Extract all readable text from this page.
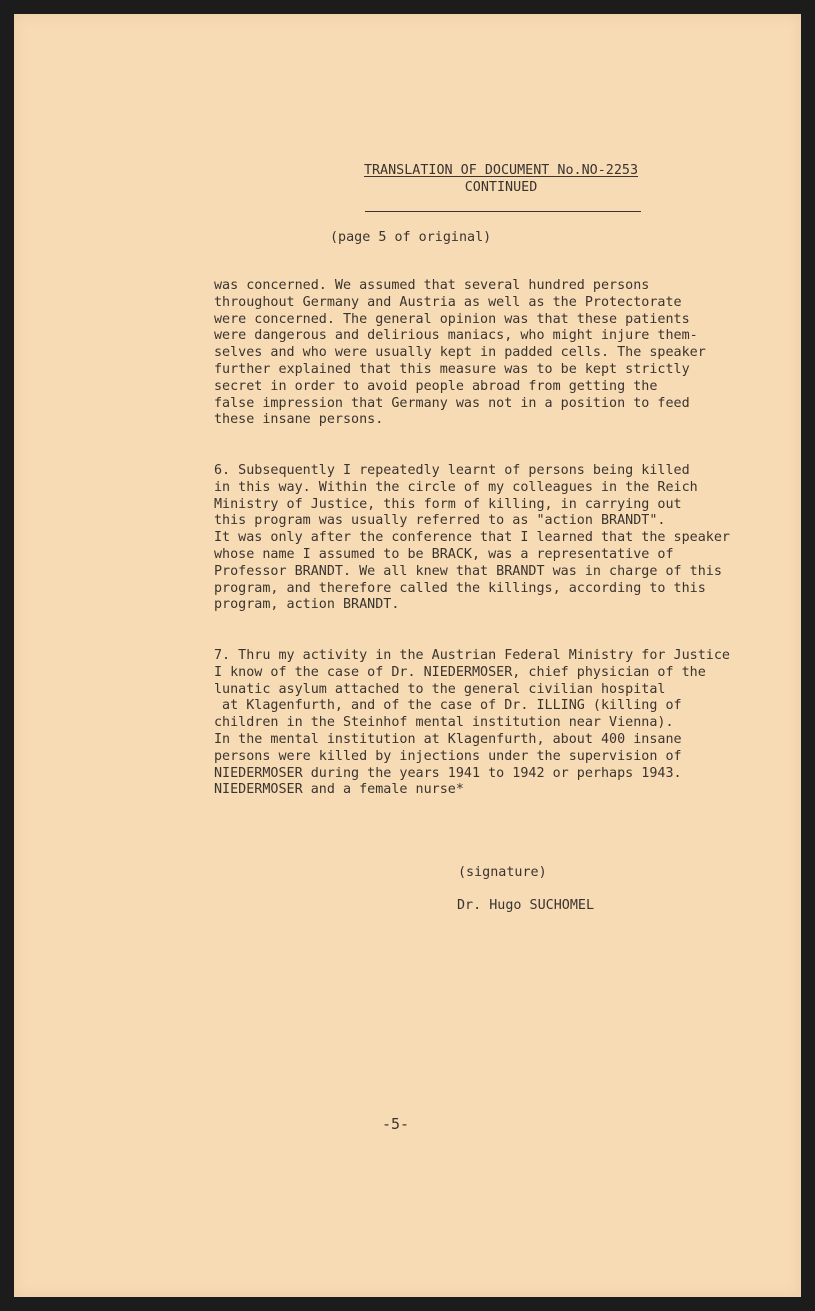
TRANSLATION OF DOCUMENT No.NO-2253
CONTINUED
(page 5 of original)
was concerned. We assumed that several hundred persons
throughout Germany and Austria as well as the Protectorate
were concerned. The general opinion was that these patients
were dangerous and delirious maniacs, who might injure them-
selves and who were usually kept in padded cells. The speaker
further explained that this measure was to be kept strictly
secret in order to avoid people abroad from getting the
false impression that Germany was not in a position to feed
these insane persons.
6. Subsequently I repeatedly learnt of persons being killed
in this way. Within the circle of my colleagues in the Reich
Ministry of Justice, this form of killing, in carrying out
this program was usually referred to as "action BRANDT".
It was only after the conference that I learned that the speaker
whose name I assumed to be BRACK, was a representative of
Professor BRANDT. We all knew that BRANDT was in charge of this
program, and therefore called the killings, according to this
program, action BRANDT.
7. Thru my activity in the Austrian Federal Ministry for Justice
I know of the case of Dr. NIEDERMOSER, chief physician of the
lunatic asylum attached to the general civilian hospital
at Klagenfurth, and of the case of Dr. ILLING (killing of
children in the Steinhof mental institution near Vienna).
In the mental institution at Klagenfurth, about 400 insane
persons were killed by injections under the supervision of
NIEDERMOSER during the years 1941 to 1942 or perhaps 1943.
NIEDERMOSER and a female nurse*
(signature)
Dr. Hugo SUCHOMEL
-5-
